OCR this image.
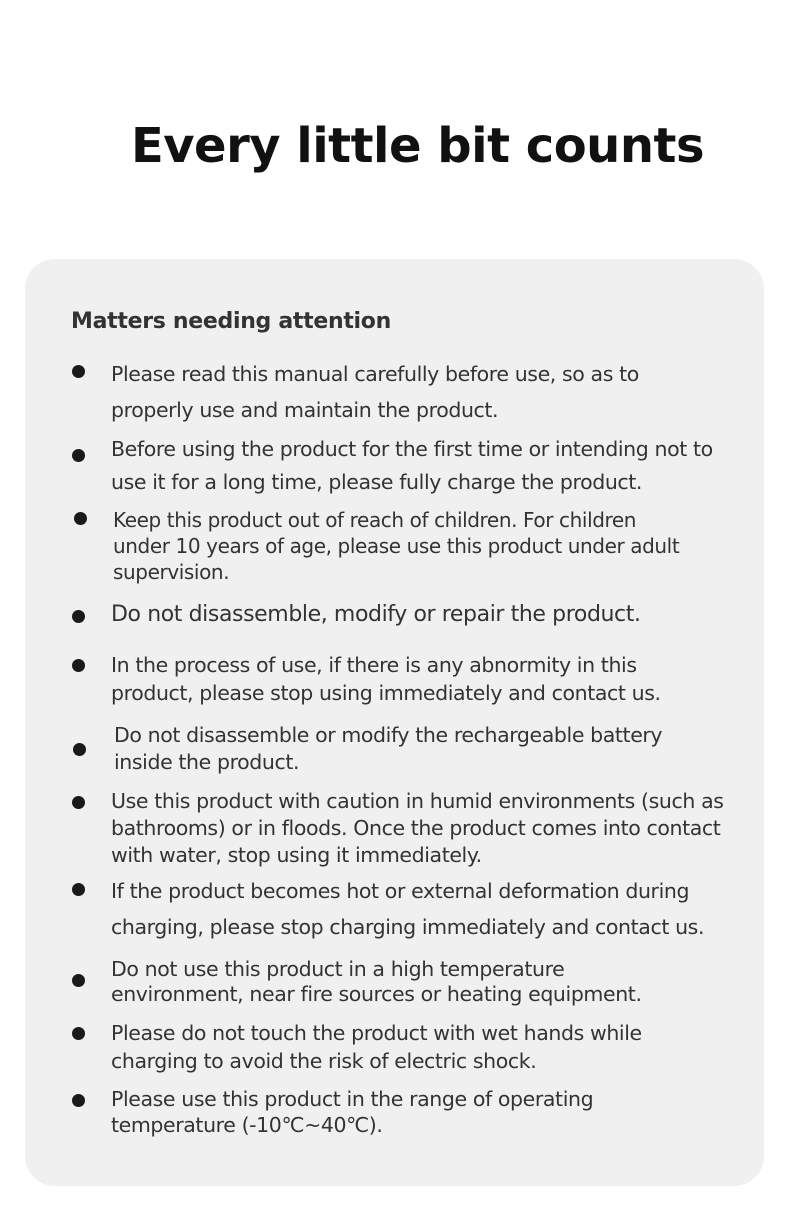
Every little bit counts
Matters needing attention
Please read this manual carefully before use, so as to
properly use and maintain the product.
Before using the product for the first time or intending not to
use it for a long time, please fully charge the product.
Keep this product out of reach of children. For children
under 10 years of age, please use this product under adult
supervision.
Do not disassemble, modify or repair the product.
In the process of use, if there is any abnormity in this
product, please stop using immediately and contact us.
Do not disassemble or modify the rechargeable battery
inside the product.
Use this product with caution in humid environments (such as
bathrooms) or in floods. Once the product comes into contact
with water, stop using it immediately.
If the product becomes hot or external deformation during
charging, please stop charging immediately and contact us.
Do not use this product in a high temperature
environment, near fire sources or heating equipment.
Please do not touch the product with wet hands while
charging to avoid the risk of electric shock.
Please use this product in the range of operating
temperature (-10℃~40℃).
